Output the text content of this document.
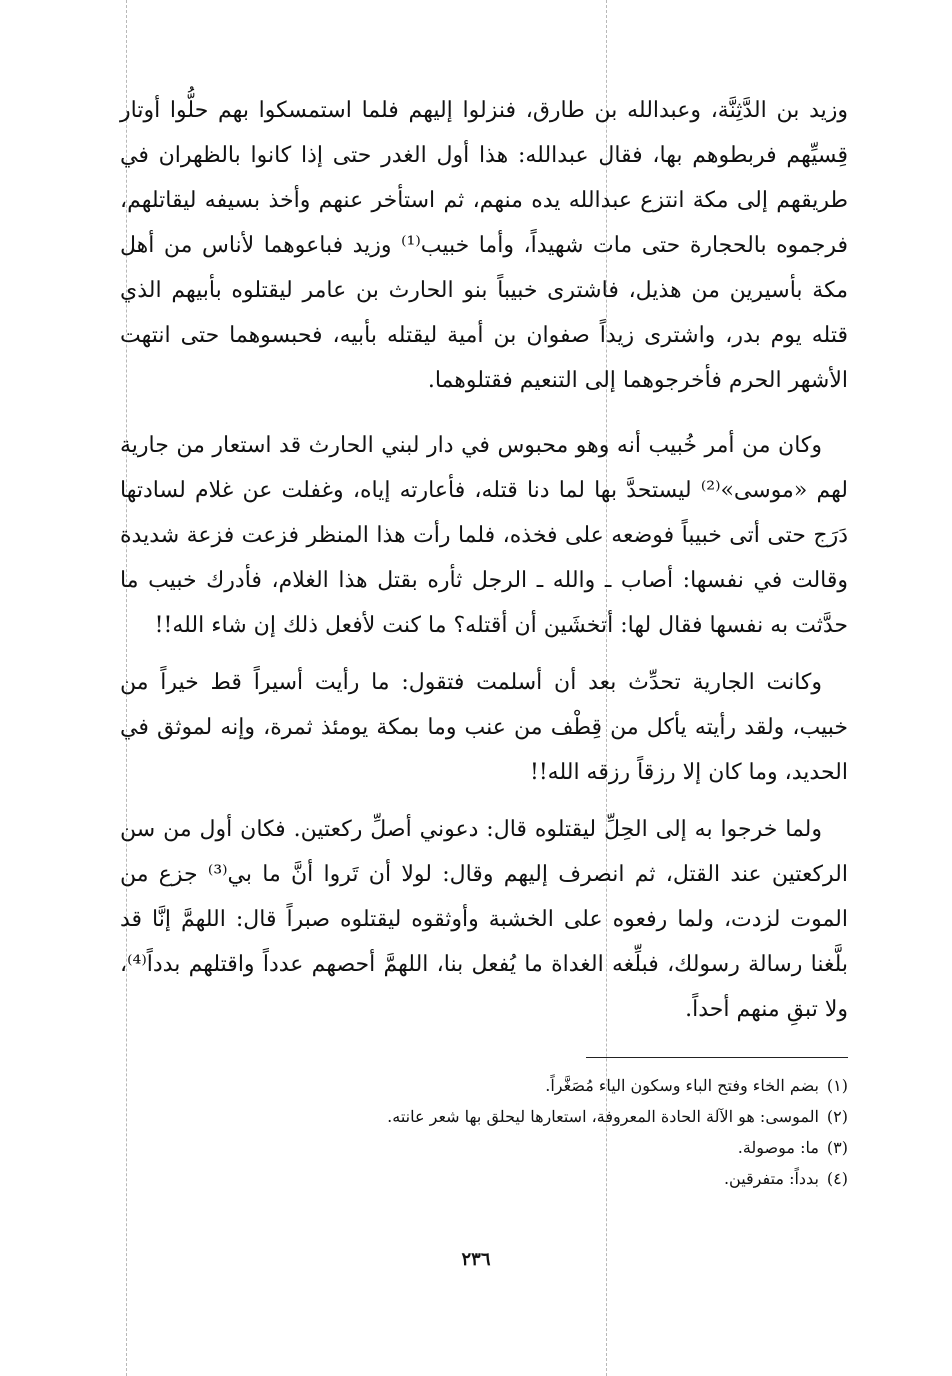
وزيد بن الدَّثِنَّة، وعبدالله بن طارق، فنزلوا إليهم فلما استمسكوا بهم حلُّوا أوتار قِسيِّهم فربطوهم بها، فقال عبدالله: هذا أول الغدر حتى إذا كانوا بالظهران في طريقهم إلى مكة انتزع عبدالله يده منهم، ثم استأخر عنهم وأخذ بسيفه ليقاتلهم، فرجموه بالحجارة حتى مات شهيداً، وأما خبيب⁽¹⁾ وزيد فباعوهما لأناس من أهل مكة بأسيرين من هذيل، فاشترى خبيباً بنو الحارث بن عامر ليقتلوه بأبيهم الذي قتله يوم بدر، واشترى زيداً صفوان بن أمية ليقتله بأبيه، فحبسوهما حتى انتهت الأشهر الحرم فأخرجوهما إلى التنعيم فقتلوهما.

وكان من أمر خُبيب أنه وهو محبوس في دار لبني الحارث قد استعار من جارية لهم «موسى»⁽²⁾ ليستحدَّ بها لما دنا قتله، فأعارته إياه، وغفلت عن غلام لسادتها دَرَج حتى أتى خبيباً فوضعه على فخذه، فلما رأت هذا المنظر فزعت فزعة شديدة وقالت في نفسها: أصاب ـ والله ـ الرجل ثأره بقتل هذا الغلام، فأدرك خبيب ما حدَّثت به نفسها فقال لها: أتخشَين أن أقتله؟ ما كنت لأفعل ذلك إن شاء الله!!

وكانت الجارية تحدِّث بعد أن أسلمت فتقول: ما رأيت أسيراً قط خيراً من خبيب، ولقد رأيته يأكل من قِطْف من عنب وما بمكة يومئذ ثمرة، وإنه لموثق في الحديد، وما كان إلا رزقاً رزقه الله!!

ولما خرجوا به إلى الحِلِّ ليقتلوه قال: دعوني أصلِّ ركعتين. فكان أول من سن الركعتين عند القتل، ثم انصرف إليهم وقال: لولا أن تَروا أنَّ ما بي⁽³⁾ جزع من الموت لزدت، ولما رفعوه على الخشبة وأوثقوه ليقتلوه صبراً قال: اللهمَّ إنَّا قد بلَّغنا رسالة رسولك، فبلِّغه الغداة ما يُفعل بنا، اللهمَّ أحصهم عدداً واقتلهم بدداً⁽⁴⁾، ولا تبقِ منهم أحداً.

(١)بضم الخاء وفتح الباء وسكون الياء مُصَغَّراً.
(٢)الموسى: هو الآلة الحادة المعروفة، استعارها ليحلق بها شعر عانته.
(٣)ما: موصولة.
(٤)بدداً: متفرقين.
٢٣٦
